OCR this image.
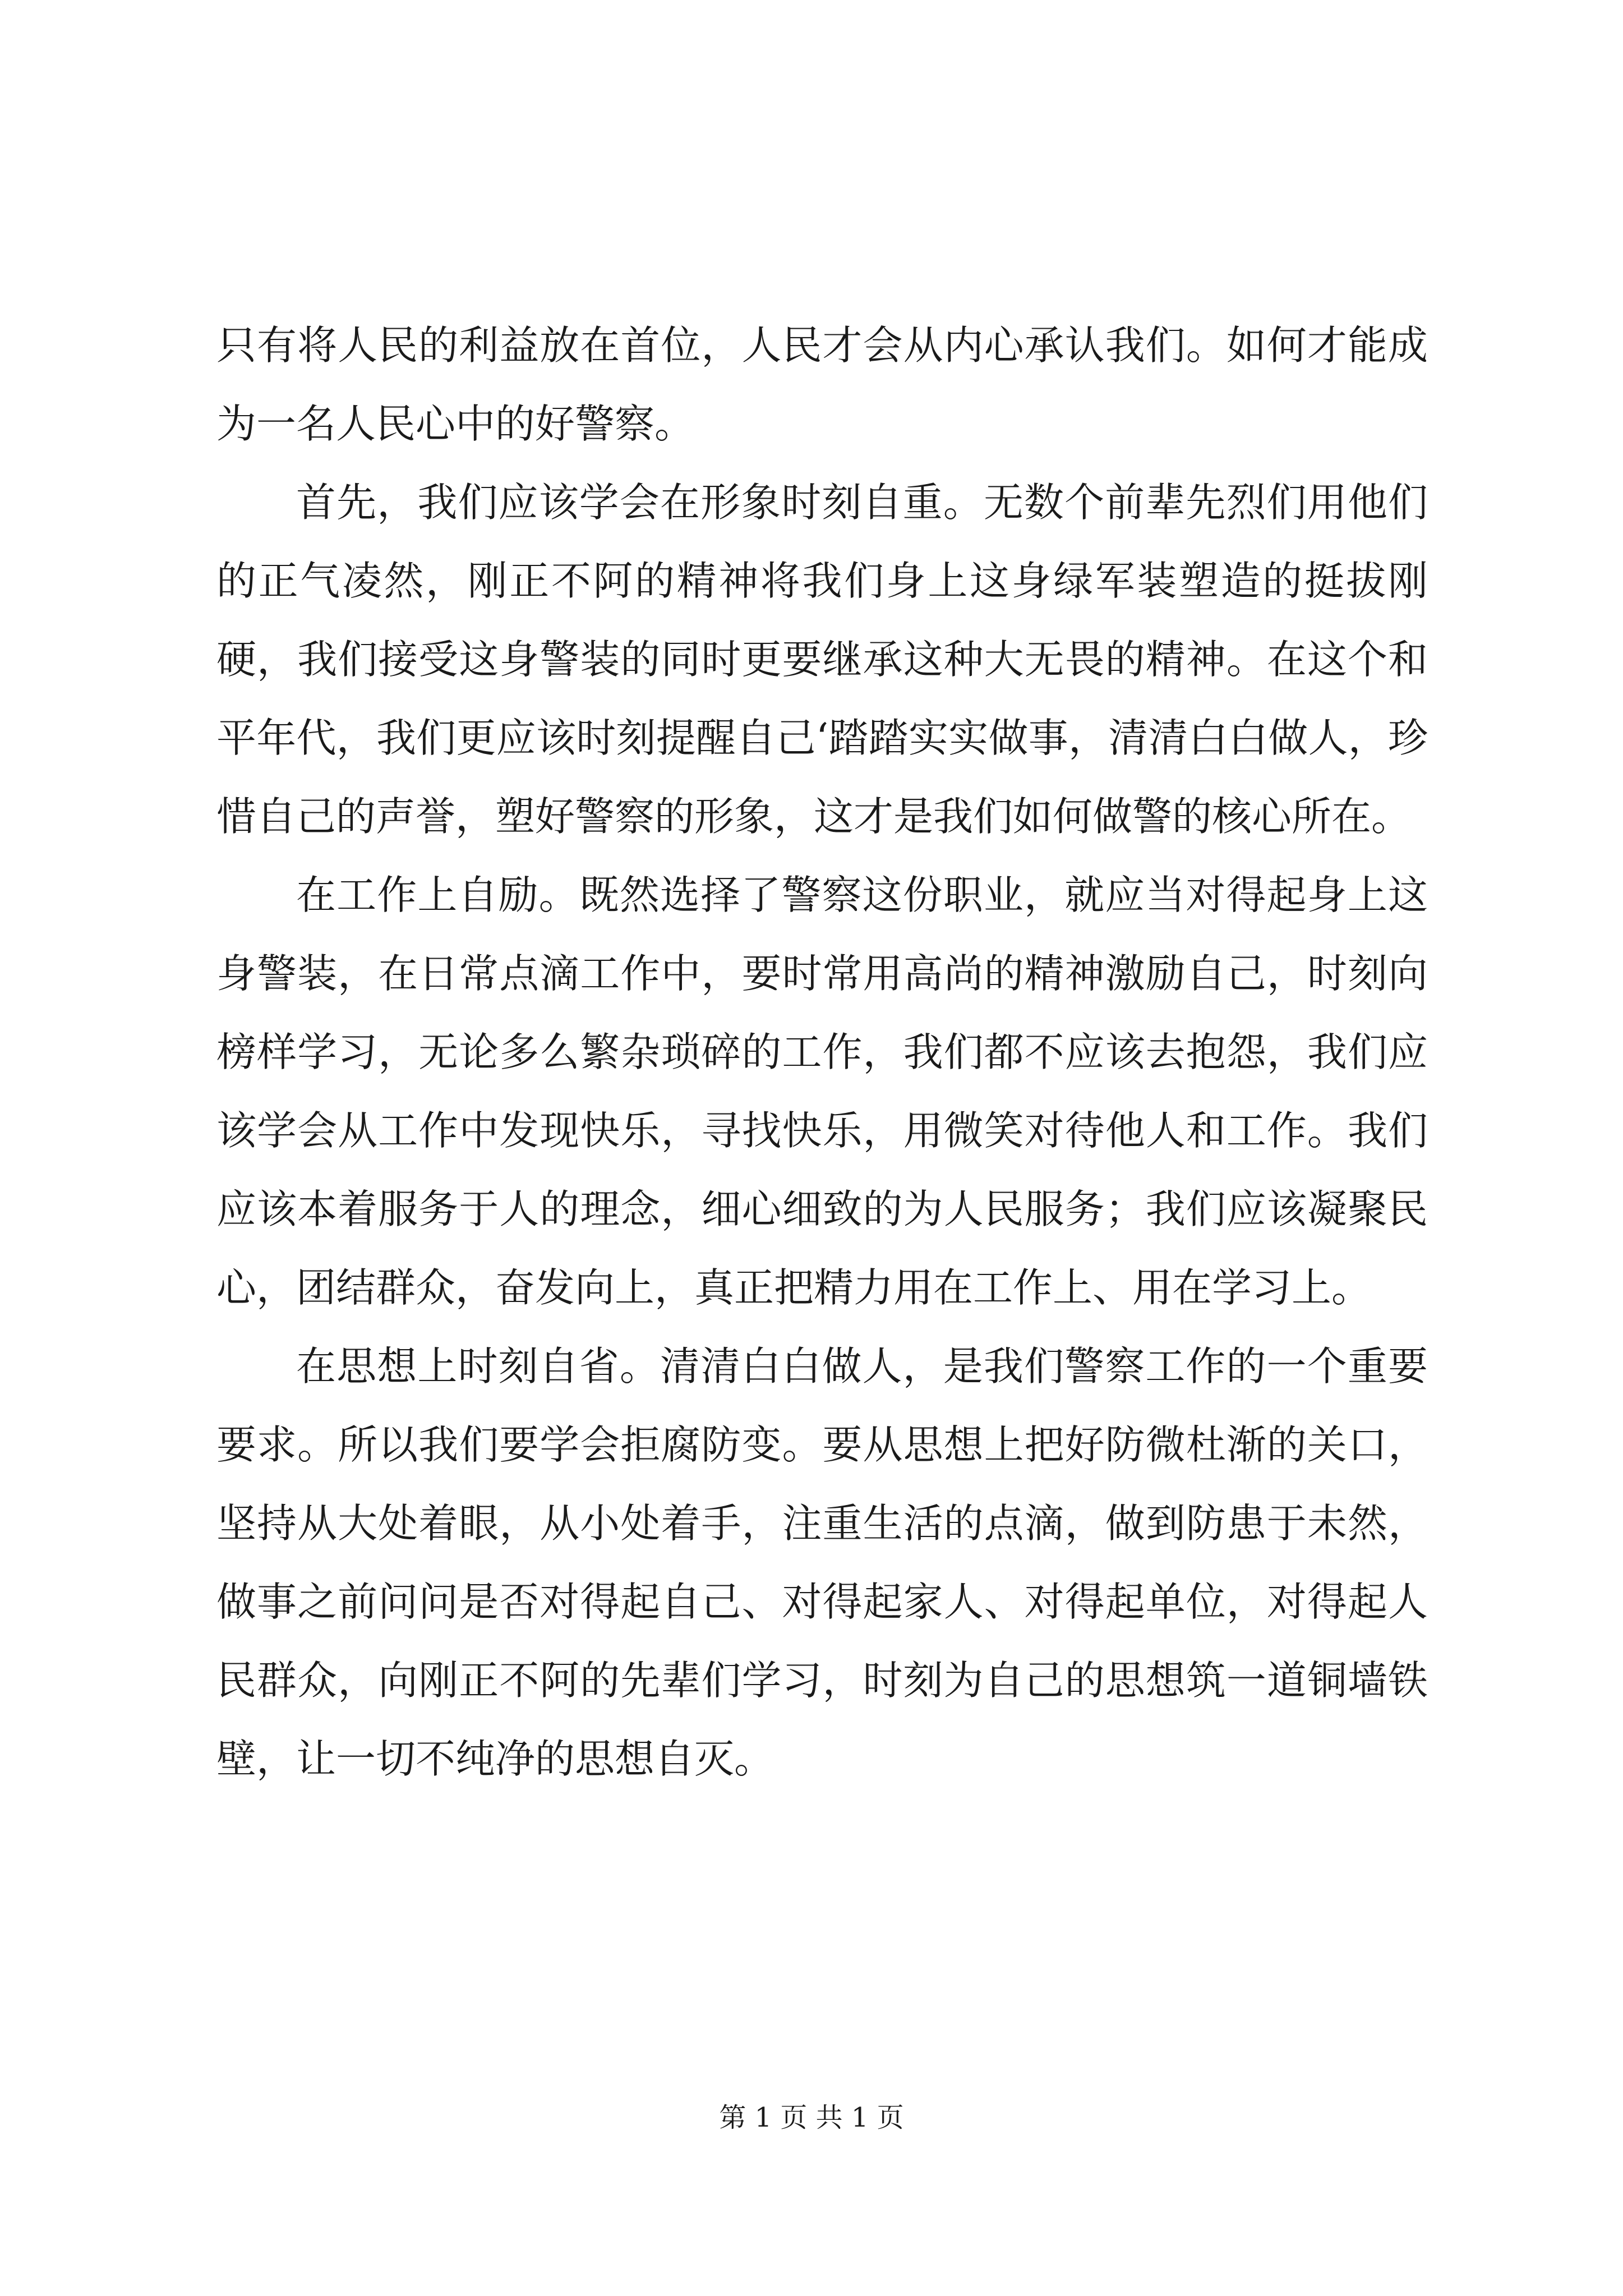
只有将人民的利益放在首位，人民才会从内心承认我们。如何才能成为一名人民心中的好警察。

首先，我们应该学会在形象时刻自重。无数个前辈先烈们用他们的正气凌然，刚正不阿的精神将我们身上这身绿军装塑造的挺拔刚硬，我们接受这身警装的同时更要继承这种大无畏的精神。在这个和平年代，我们更应该时刻提醒自己‘踏踏实实做事，清清白白做人，珍惜自己的声誉，塑好警察的形象，这才是我们如何做警的核心所在。

在工作上自励。既然选择了警察这份职业，就应当对得起身上这身警装，在日常点滴工作中，要时常用高尚的精神激励自己，时刻向榜样学习，无论多么繁杂琐碎的工作，我们都不应该去抱怨，我们应该学会从工作中发现快乐，寻找快乐，用微笑对待他人和工作。我们应该本着服务于人的理念，细心细致的为人民服务；我们应该凝聚民心，团结群众，奋发向上，真正把精力用在工作上、用在学习上。

在思想上时刻自省。清清白白做人，是我们警察工作的一个重要要求。所以我们要学会拒腐防变。要从思想上把好防微杜渐的关口，坚持从大处着眼，从小处着手，注重生活的点滴，做到防患于未然，做事之前问问是否对得起自己、对得起家人、对得起单位，对得起人民群众，向刚正不阿的先辈们学习，时刻为自己的思想筑一道铜墙铁壁，让一切不纯净的思想自灭。

第 1 页 共 1 页
